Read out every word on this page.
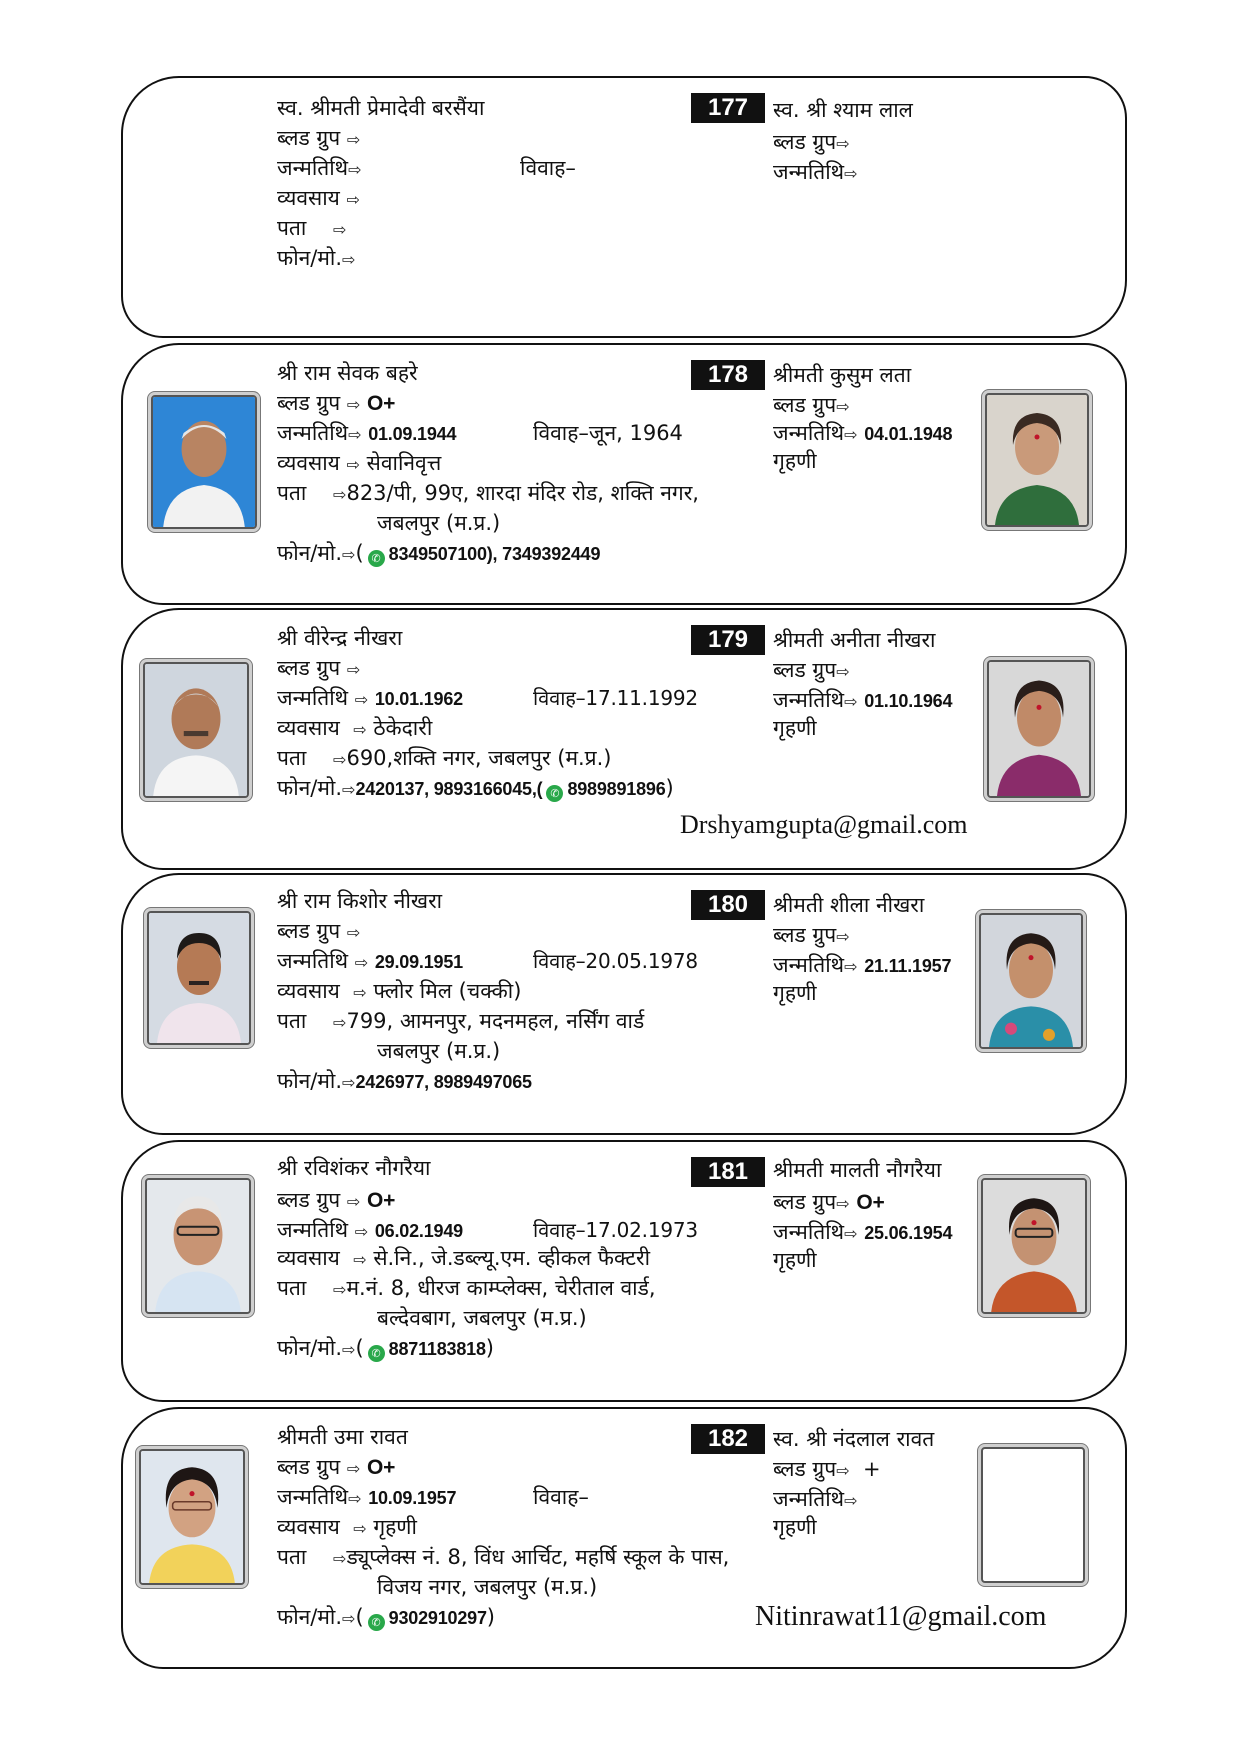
177
स्व. श्रीमती प्रेमादेवी बरसैंया
ब्लड ग्रुप ⇨
जन्मतिथि⇨
व्यवसाय ⇨
पता ⇨
फोन/मो.⇨
विवाह–
स्व. श्री श्याम लाल
ब्लड ग्रुप⇨
जन्मतिथि⇨
178
श्री राम सेवक बहरे
ब्लड ग्रुप ⇨ O+
जन्मतिथि⇨ 01.09.1944
व्यवसाय ⇨ सेवानिवृत्त
पता ⇨823/पी, 99ए, शारदा मंदिर रोड, शक्ति नगर,
जबलपुर (म.प्र.)
फोन/मो.⇨( ✆ 8349507100), 7349392449
विवाह–जून, 1964
श्रीमती कुसुम लता
ब्लड ग्रुप⇨
जन्मतिथि⇨ 04.01.1948
गृहणी
179
श्री वीरेन्द्र नीखरा
ब्लड ग्रुप ⇨
जन्मतिथि ⇨ 10.01.1962
व्यवसाय ⇨ ठेकेदारी
पता ⇨690,शक्ति नगर, जबलपुर (म.प्र.)
फोन/मो.⇨2420137, 9893166045,( ✆ 8989891896)
विवाह–17.11.1992
श्रीमती अनीता नीखरा
ब्लड ग्रुप⇨
जन्मतिथि⇨ 01.10.1964
गृहणी
Drshyamgupta@gmail.com
180
श्री राम किशोर नीखरा
ब्लड ग्रुप ⇨
जन्मतिथि ⇨ 29.09.1951
व्यवसाय ⇨ फ्लोर मिल (चक्की)
पता ⇨799, आमनपुर, मदनमहल, नर्सिंग वार्ड
जबलपुर (म.प्र.)
फोन/मो.⇨2426977, 8989497065
विवाह–20.05.1978
श्रीमती शीला नीखरा
ब्लड ग्रुप⇨
जन्मतिथि⇨ 21.11.1957
गृहणी
181
श्री रविशंकर नौगरैया
ब्लड ग्रुप ⇨ O+
जन्मतिथि ⇨ 06.02.1949
व्यवसाय ⇨ से.नि., जे.डब्ल्यू.एम. व्हीकल फैक्टरी
पता ⇨म.नं. 8, धीरज काम्प्लेक्स, चेरीताल वार्ड,
बल्देवबाग, जबलपुर (म.प्र.)
फोन/मो.⇨( ✆ 8871183818)
विवाह–17.02.1973
श्रीमती मालती नौगरैया
ब्लड ग्रुप⇨ O+
जन्मतिथि⇨ 25.06.1954
गृहणी
182
श्रीमती उमा रावत
ब्लड ग्रुप ⇨ O+
जन्मतिथि⇨ 10.09.1957
व्यवसाय ⇨ गृहणी
पता ⇨ड्यूप्लेक्स नं. 8, विंध आर्चिट, महर्षि स्कूल के पास,
विजय नगर, जबलपुर (म.प्र.)
फोन/मो.⇨( ✆ 9302910297)
विवाह–
स्व. श्री नंदलाल रावत
ब्लड ग्रुप⇨ +
जन्मतिथि⇨
गृहणी
Nitinrawat11@gmail.com
